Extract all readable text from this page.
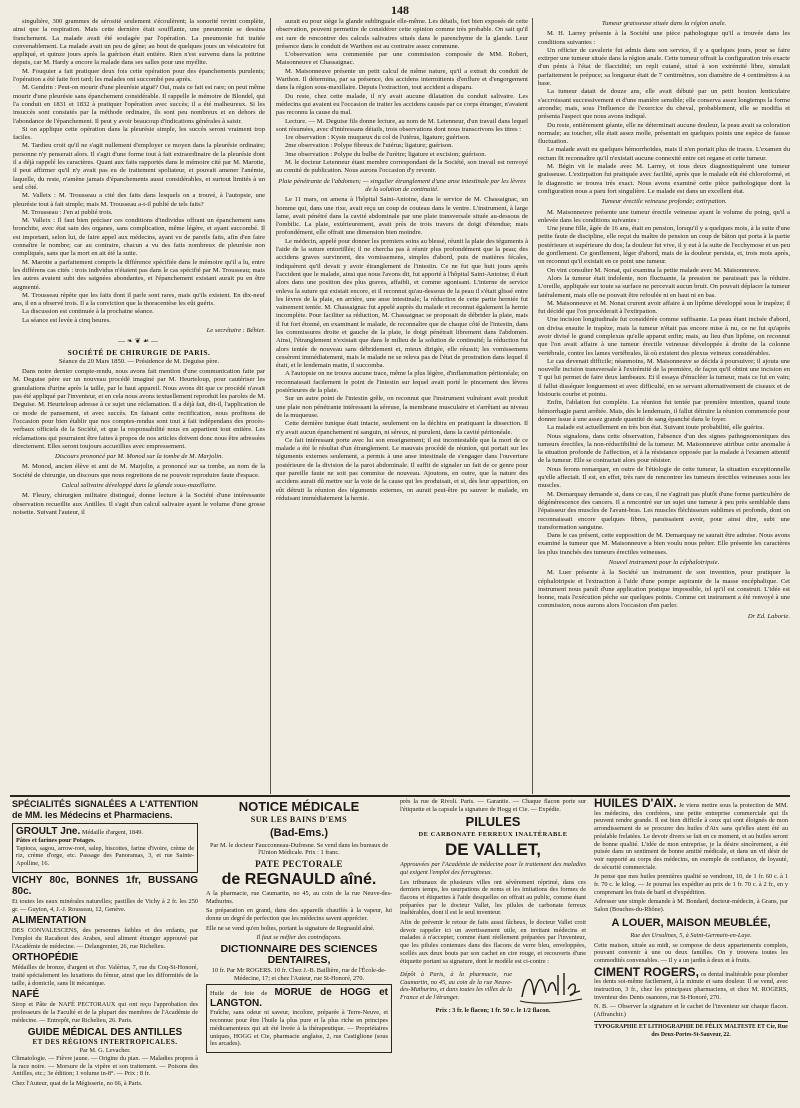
148

singulière, 300 grammes de sérosité seulement s'écoulèrent; la sonorité revint complète, ainsi que la respiration. Mais cette dernière était soufflante, une pneumonie se dessina franchement. La malade avait été soulagée par l'opération. La pneumonie fut traitée convenablement. La malade avait un peu de gêne; au bout de quelques jours un vésicatoire fut appliqué, et quinze jours après la guérison était entière. Rien n'est survenu dans la poitrine depuis, car M. Hardy a encore la malade dans ses salles pour une myélite.

M. Fouquier a fait pratiquer deux fois cette opération pour des épanchements purulents; l'opération a été faite fort tard; les malades ont succombé peu après.

M. Gendrin : Peut-on mourir d'une pleurésie aiguë? Oui, mais ce fait est rare; on peut même mourir d'une pleurésie sans épanchement considérable. Il rappelle le mémoire de Blondel, qui l'a conduit en 1831 et 1832 à pratiquer l'opération avec succès; il a été malheureux. Si les insuccès sont constatés par la méthode ordinaire, ils sont peu nombreux et en dehors de l'abondance de l'épanchement. Il peut y avoir beaucoup d'indications générales à saisir.

Si on applique cette opération dans la pleurésie simple, les succès seront vraiment trop faciles.

M. Tardieu croit qu'il ne s'agit nullement d'employer ce moyen dans la pleurésie ordinaire; personne n'y penserait alors. Il s'agit d'une forme tout à fait extraordinaire de la pleurésie dont il a déjà rappelé les caractères. Quant aux faits rapportés dans le mémoire cité par M. Marotte, il peut affirmer qu'il n'y avait pas eu de traitement spoliateur, et pouvait amener l'anémie, laquelle, du reste, n'amène jamais d'épanchements aussi considérables, et surtout limités à un seul côté.

M. Valleix : M. Trousseau a cité des faits dans lesquels on a trouvé, à l'autopsie, une pleurésie tout à fait simple; mais M. Trousseau a-t-il publié de tels faits?

M. Trousseau : J'en ai publié trois.

M. Valleix : Il faut bien préciser ces conditions d'individus offrant un épanchement sans bronchite, avec état sain des organes, sans complication, même légère, et ayant succombé. Il est important, selon lui, de faire appel aux médecins, ayant vu de pareils faits, afin d'en faire connaître le nombre; car au contraire, chacun a vu des faits nombreux de pleurésie non compliqués, sans que la mort en ait été la suite.

M. Marotte a parfaitement compris la différence spécifiée dans le mémoire qu'il a lu, entre les différens cas cités : trois individus n'étaient pas dans le cas spécifié par M. Trousseau; mais les autres avaient subi des saignées abondantes, et l'épanchement existant aurait pu en être augmenté.

M. Trousseau répète que les faits dont il parle sont rares, mais qu'ils existent. En dix-neuf ans, il en a observé trois. Il a la conviction que la thoracentèse les eût guéris.

La discussion est continuée à la prochaine séance.

La séance est levée à cinq heures.

Le secrétaire : Béhier.
—❧❦☙—
SOCIÉTÉ DE CHIRURGIE DE PARIS.
Séance du 20 Mars 1850. — Présidence de M. Deguise père.

Dans notre dernier compte-rendu, nous avons fait mention d'une communication faite par M. Deguise père sur un nouveau procédé imaginé par M. Heurteloup, pour cautériser les granulations d'urine après la taille, par le haut appareil. Nous avons dit que ce procédé n'avait pas été appliqué par l'inventeur, et en cela nous avons textuellement reproduit les paroles de M. Deguise. M. Heurteloup adresse à ce sujet une réclamation. Il a déjà fait, dit-il, l'application de ce mode de pansement, et avec succès. En faisant cette rectification, nous profitons de l'occasion pour bien établir que nos comptes-rendus sont tout à fait indépendans des procès-verbaux officiels de la Société, et que la responsabilité nous en appartient tout entière. Les réclamations qui pourraient être faites à propos de nos articles doivent donc nous être adressées directement. Elles seront toujours accueillies avec empressement.

Discours prononcé par M. Monod sur la tombe de M. Marjolin.

M. Monod, ancien élève et ami de M. Marjolin, a prononcé sur sa tombe, au nom de la Société de chirurgie, un discours que nous regrettons de ne pouvoir reproduire faute d'espace.

Calcul salivaire développé dans la glande sous-maxillaire.

M. Fleury, chirurgien militaire distingué, donne lecture à la Société d'une intéressante observation recueillie aux Antilles. Il s'agit d'un calcul salivaire ayant le volume d'une grosse noisette. Suivant l'auteur, il

aurait eu pour siège la glande sublinguale elle-même. Les détails, fort bien exposés de cette observation, peuvent permettre de considérer cette opinion comme très probable. On sait qu'il est rare de rencontrer des calculs salivaires situés dans le parenchyme de la glande. Leur présence dans le conduit de Warthon est au contraire assez commune.

L'observation sera commentée par une commission composée de MM. Robert, Maisonneuve et Chassaignac.

M. Maisonneuve présente un petit calcul de même nature, qu'il a extrait du conduit de Warthon. Il détermina, par sa présence, des accidens intermittents d'enflure et d'engorgement dans la région sous-maxillaire. Depuis l'extraction, tout accident a disparu.

Du reste, chez cette malade, il n'y avait aucune dilatation du conduit salivaire. Les médecins qui avaient eu l'occasion de traiter les accidens causés par ce corps étranger, n'avaient pas reconnu la cause du mal.

Lecture. — M. Deguise fils donne lecture, au nom de M. Letenneur, d'un travail dans lequel sont résumées, avec d'intéressans détails, trois observations dont nous transcrivons les titres :

1re observation : Kyste muqueux du col de l'utérus, ligature; guérison.

2me observation : Polype fibreux de l'utérus; ligature; guérison.

3me observation : Polype du bulbe de l'urètre; ligature et excision; guérison.

M. le docteur Letenneur étant membre correspondant de la Société, son travail est renvoyé au comité de publication. Nous aurons l'occasion d'y revenir.

Plaie pénétrante de l'abdomen; — singulier étranglement d'une anse intestinale par les lèvres de la solution de continuité.

Le 11 mars, on amena à l'hôpital Saint-Antoine, dans le service de M. Chassaignac, un homme qui, dans une rixe, avait reçu un coup de couteau dans le ventre. L'instrument, à large lame, avait pénétré dans la cavité abdominale par une plaie transversale située au-dessous de l'ombilic. La plaie, extérieurement, avait près de trois travers de doigt d'étendue; mais profondément, elle offrait une dimension bien moindre.

Le médecin, appelé pour donner les premiers soins au blessé, réunit la plaie des téguments à l'aide de la suture entortillée; il ne chercha pas à réunir plus profondément que la peau; des accidens graves survinrent, des vomissemens, simples d'abord, puis de matières fécales, indiquèrent qu'il devait y avoir étranglement de l'intestin. Ce ne fut que huit jours après l'accident que le malade, ainsi que nous l'avons dit, fut apporté à l'hôpital Saint-Antoine; il était alors dans une position des plus graves, affaibli, et comme agonisant. L'interne de service enleva la suture qui existait encore, et il reconnut qu'au-dessous de la peau il s'était glissé entre les lèvres de la plaie, en arrière, une anse intestinale; la réduction de cette partie herniée fut vainement tentée. M. Chassaignac fut appelé auprès du malade et reconnut également la hernie incomplète. Pour faciliter sa réduction, M. Chassaignac se proposait de débrider la plaie, mais il fut fort étonné, en examinant le malade, de reconnaître que de chaque côté de l'intestin, dans les commissures droite et gauche de la plaie, le doigt pénétrait librement dans l'abdomen. Ainsi, l'étranglement n'existait que dans le milieu de la solution de continuité; la réduction fut alors tentée de nouveau sans débridement et, mieux dirigée, elle réussit; les vomissemens cessèrent immédiatement, mais le malade ne se releva pas de l'état de prostration dans lequel il était, et le lendemain matin, il succomba.

A l'autopsie on ne trouva aucune trace, même la plus légère, d'inflammation péritonéale; on reconnaissait facilement le point de l'intestin sur lequel avait porté le pincement des lèvres postérieures de la plaie.

Sur un autre point de l'intestin grêle, on reconnut que l'instrument vulnérant avait produit une plaie non pénétrante intéressant la séreuse, la membrane musculaire et s'arrêtant au niveau de la muqueuse.

Cette dernière tunique était intacte, seulement on la déchira en pratiquant la dissection. Il n'y avait aucun épanchement ni sanguin, ni séreux, ni purulent, dans la cavité péritonéale.

Ce fait intéressant porte avec lui son enseignement; il est incontestable que la mort de ce malade a été le résultat d'un étranglement. Le mauvais procédé de réunion, qui portait sur les téguments externes seulement, a permis à une anse intestinale de s'engager dans l'ouverture postérieure de la division de la paroi abdominale. Il suffit de signaler un fait de ce genre pour que pareille faute ne soit pas commise de nouveau. Ajoutons, en outre, que la nature des accidens aurait dû mettre sur la voie de la cause qui les produisait, et si, dès leur apparition, on eût détruit la réunion des téguments externes, on aurait peut-être pu sauver le malade, en réduisant immédiatement la hernie.

Tumeur graisseuse située dans la région anale.

M. H. Larrey présente à la Société une pièce pathologique qu'il a trouvée dans les conditions suivantes :

Un officier de cavalerie fut admis dans son service, il y a quelques jours, pour se faire extirper une tumeur située dans la région anale. Cette tumeur offrait la configuration très exacte d'un pénis à l'état de flaccidité; un repli cutané, situé à son extrémité libre, simulait parfaitement le prépuce; sa longueur était de 7 centimètres, son diamètre de 4 centimètres à sa base.

La tumeur datait de douze ans, elle avait débuté par un petit bouton lenticulaire s'accroissant successivement et d'une manière sensible; elle conserva assez longtemps la forme arrondie; mais, sous l'influence de l'exercice du cheval, probablement, elle se modifia et présenta l'aspect que nous avons indiqué.

Du reste, entièrement géante, elle ne déterminait aucune douleur, la peau avait sa coloration normale; au toucher, elle était assez molle, présentait en quelques points une espèce de fausse fluctuation.

Le malade avait eu quelques hémorrhoïdes, mais il n'en portait plus de traces. L'examen du rectum fit reconnaître qu'il n'existait aucune connexité entre cet organe et cette tumeur.

M. Bégin vit le malade avec M. Larrey, et tous deux diagnostiquèrent une tumeur graisseuse. L'extirpation fut pratiquée avec facilité, après que le malade eût été chloroformé, et le diagnostic se trouva très exact. Nous avons examiné cette pièce pathologique dont la configuration nous a paru fort singulière. Le malade est dans un excellent état.

Tumeur érectile veineuse profonde; extirpation.

M. Maisonneuve présente une tumeur érectile veineuse ayant le volume du poing, qu'il a enlevée dans les conditions suivantes :

Une jeune fille, âgée de 16 ans, était en pension, lorsqu'il y a quelques mois, à la suite d'une petite faute de discipline, elle reçut du maître de pension un coup de bâton qui porta à la partie postérieure et supérieure du dos; la douleur fut vive, il y eut à la suite de l'ecchymose et un peu de gonflement. Ce gonflement, léger d'abord, mais de la douleur persista, et, trois mois après, on reconnut qu'il existait en ce point une tumeur.

On vint consulter M. Nonat, qui examina la petite malade avec M. Maisonneuve.

Alors la tumeur était indolente, non fluctuante, la pression ne paraissait pas la réduire. L'oreille, appliquée sur toute sa surface ne percevait aucun bruit. On pouvait déplacer la tumeur latéralement, mais elle ne pouvait être refoulée ni en haut ni en bas.

M. Maisonneuve et M. Nonat crurent avoir affaire à un lipôme développé sous le trapèze; il fut décidé que l'on procéderait à l'extirpation.

Une incision longitudinale fut considérée comme suffisante. La peau étant incisée d'abord, on divisa ensuite le trapèze, mais la tumeur n'était pas encore mise à nu, ce ne fut qu'après avoir divisé le grand complexus qu'elle apparut enfin; mais, au lieu d'un lipôme, on reconnut que l'on avait affaire à une tumeur érectile veineuse développée à droite de la colonne vertébrale, contre les lames vertébrales, là où existent des plexus veineux considérables.

Le cas devenait difficile; néanmoins, M. Maisonneuve se décida à poursuivre; il ajouta une nouvelle incision transversale à l'extrémité de la première, de façon qu'il obtint une incision en T qui lui permet de faire deux lambeaux. Et il essaya d'énucléer la tumeur, mais ce fut en vain; il fallut disséquer longuement et avec difficulté, en se servant alternativement de ciseaux et de bistouris courbe et pointu.

Enfin, l'ablation fut complète. La réunion fut tentée par première intention, quand toute hémorrhagie parut arrêtée. Mais, dès le lendemain, il fallut détruire la réunion commencée pour donner issue à une assez grande quantité de sang épanché dans le foyer.

La malade est actuellement en très bon état. Suivant toute probabilité, elle guérira.

Nous signalons, dans cette observation, l'absence d'un des signes pathognomoniques des tumeurs érectiles, la non-réductibilité de la tumeur. M. Maisonneuve attribue cette anomalie à la situation profonde de l'affection, et à la résistance opposée par la malade à l'examen attentif de la tumeur. Elle se contractait alors pour résister.

Nous ferons remarquer, en outre de l'étiologie de cette tumeur, la situation exceptionnelle qu'elle affectait. Il est, en effet, très rare de rencontrer les tumeurs érectiles veineuses sous les muscles.

M. Demarquay demande si, dans ce cas, il ne s'agirait pas plutôt d'une forme particulière de dégénérescence des cancers. Il a rencontré sur un sujet une tumeur à peu près semblable dans l'épaisseur des muscles de l'avant-bras. Les muscles fléchisseurs sublimes et profonds, dont on reconnaissait encore quelques fibres, paraissaient avoir, pour ainsi dire, subi une transformation sanguine.

Dans le cas présent, cette supposition de M. Demarquay ne saurait être admise. Nous avons examiné la tumeur que M. Maisonneuve a bien voulu nous prêter. Elle présente les caractères les plus tranchés des tumeurs érectiles veineuses.

Nouvel instrument pour la céphalotripsie.

M. Luer présente à la Société un instrument de son invention, pour pratiquer la céphalotripsie et l'extraction à l'aide d'une pompe aspirante de la masse encéphalique. Cet instrument nous paraît d'une application pratique impossible, tel qu'il est construit. L'idée est bonne, mais l'exécution péche sur quelques points. Comme cet instrument a été renvoyé à une commission, nous aurons alors l'occasion d'en parler.

Dr Ed. Laborie.
SPÉCIALITÉS SIGNALÉES A L'ATTENTION de MM. les Médecins et Pharmaciens.
GROULT Jne. Médaille d'argent, 1849.
Pâtes et farines pour Potages.

Tapioca, sagou, arrow-root, salep, biscottes, farine d'ivoire, crème de riz, crème d'orge, etc. Passage des Panoramas, 3, et rue Sainte-Apolline, 16.

VICHY 80c, BONNES 1fr, BUSSANG 80c.

Et toutes les eaux minérales naturelles; pastilles de Vichy à 2 fr. les 250 gr. — Guyton, 4, J.-J. Rousseau, 12, Genève.

ALIMENTATION

DES CONVALESCENS, des personnes faibles et des enfants, par l'emploi du Racahout des Arabes, seul aliment étranger approuvé par l'Académie de médecine. — Delangrenier, 26, rue Richelieu.

ORTHOPÉDIE

Médailles de bronze, d'argent et d'or. Valérius, 7, rue du Coq-St-Honoré, traité spécialement les luxations du fémur, ainsi que les difformités de la taille, à domicile, sans lit mécanique.

NAFÉ

Sirop et Pâte de NAFÉ PECTORAUX qui ont reçu l'approbation des professeurs de la Faculté et de la plupart des membres de l'Académie de médecine. — Entrepôt, rue Richelieu, 26. Paris.

GUIDE MÉDICAL DES ANTILLES
ET DES RÉGIONS INTERTROPICALES.
Par M. G. Levacher.

Climatologie. — Fièvre jaune. — Origine du pian. — Maladies propres à la race noire. — Morsure de la vipère et son traitement. — Poisons des Antilles, etc.; 3e édition; 1 volume in-8°. — Prix : 8 fr.

Chez l'Auteur, quai de la Mégisserie, no 66, à Paris.

NOTICE MÉDICALE
SUR LES BAINS D'EMS
(Bad-Ems.)

Par M. le docteur Faucconneau-Dufresne. Se vend dans les bureaux de l'Union Médicale. Prix : 1 franc.

PATE PECTORALE
de REGNAULD aîné.

A la pharmacie, rue Caumartin, no 45, au coin de la rue Neuve-des-Mathurins.

Sa préparation en grand, dans des appareils chauffés à la vapeur, lui donne un degré de perfection que les médecins savent apprécier.

Elle ne se vend qu'en boîtes, portant la signature de Regnauld aîné.

Il faut se méfier des contrefaçons.

DICTIONNAIRE DES SCIENCES DENTAIRES,

10 fr. Par Mr ROGERS. 10 fr. Chez J.-B. Baillière, rue de l'École-de-Médecine, 17; et chez l'Auteur, rue St-Honoré, 270.

Huile de foie de MORUE de HOGG et LANGTON.

Fraîche, sans odeur ni saveur, incolore, préparée à Terre-Neuve, et reconnue pour être l'huile la plus pure et la plus riche en principes médicamenteux qui ait été livrée à la thérapeutique. — Propriétaires uniques, HOGG et Cie, pharmacie anglaise, 2, rue Castiglione (sous les arcades).

près la rue de Rivoli. Paris. — Garantie. — Chaque flacon porte sur l'étiquette et la capsule la signature de Hogg et Cie. — Expédie.

PILULES
DE CARBONATE FERREUX INALTÉRABLE
DE VALLET,

Approuvées par l'Académie de médecine pour le traitement des maladies qui exigent l'emploi des ferrugineux.

Les tribunaux de plusieurs villes ont sévèrement réprimé, dans ces derniers temps, les usurpations de noms et les imitations des formes de flacons et étiquettes à l'aide desquelles on offrait au public, comme étant préparées par le docteur Vallet, les pilules de carbonate ferreux inaltérables, dont il est le seul inventeur.

Afin de prévenir le retour de faits aussi fâcheux, le docteur Vallet croit devoir rappeler ici un avertissement utile, en invitant médecins et malades à n'accepter, comme étant réellement préparées par l'inventeur, que les pilules contenues dans des flacons de verre bleu, enveloppées, scellés aux deux bouts par son cachet en cire rouge, et recouverts d'une étiquette portant sa signature, dont le modèle est ci-contre :

Dépôt à Paris, à la pharmacie, rue Caumartin, no 45, au coin de la rue Neuve-des-Mathurins, et dans toutes les villes de la France et de l'étranger.

Prix : 3 fr. le flacon; 1 fr. 50 c. le 1/2 flacon.

HUILES D'AIX. Je viens mettre sous la protection de MM. les médecins, des confrères, une petite entreprise commerciale qui ils peuvent rendre grande. Il est bien difficile à ceux qui sont éloignés de mon arrondissement de se procurer des huiles d'Aix sans qu'elles aient été au préalable frelatées. Le devoir divers se fait en ce moment, et au huiles seront de bonne qualité. L'idée de mon entreprise, je la désire sincèrement, a été puisée dans un sentiment de bonne amitié médicale, et dans un vif désir de voir rapporté au corps des médecins, un exemple de confiance, de loyauté, de sécurité commerciale.

Je pense que mes huiles premières qualité se vendront, 10, de 1 fr. 60 c. à 1 fr. 70 c. le kilog. — Je pourrai les expédier au prix de 1 fr. 70 c. à 2 fr., en y comprenant les frais de baril et d'expédition.

Adresser une simple demande à M. Bondard, docteur-médecin, à Grans, par Salon (Bouches-du-Rhône).

A LOUER, MAISON MEUBLÉE,

Rue des Ursulines, 5, à Saint-Germain-en-Laye.

Cette maison, située au midi, se compose de deux appartements complets, pouvant convenir à une ou deux familles. On y trouvera toutes les commodités convenables. — Il y a un jardin à deux et à fruits.

CIMENT ROGERS, os dental inaltérable pour plomber les dents soi-même facilement, à la minute et sans douleur. Il se vend, avec instruction, 3 fr., chez les principaux pharmaciens, et chez M. ROGERS, inventeur des Dents osanores, rue St-Honoré, 270.

N. B. — Observer la signature et le cachet de l'inventeur sur chaque flacon. (Affranchir.)

TYPOGRAPHIE ET LITHOGRAPHIE DE FÉLIX MALTESTE ET Cie, Rue des Deux-Portes-St-Sauveur, 22.
